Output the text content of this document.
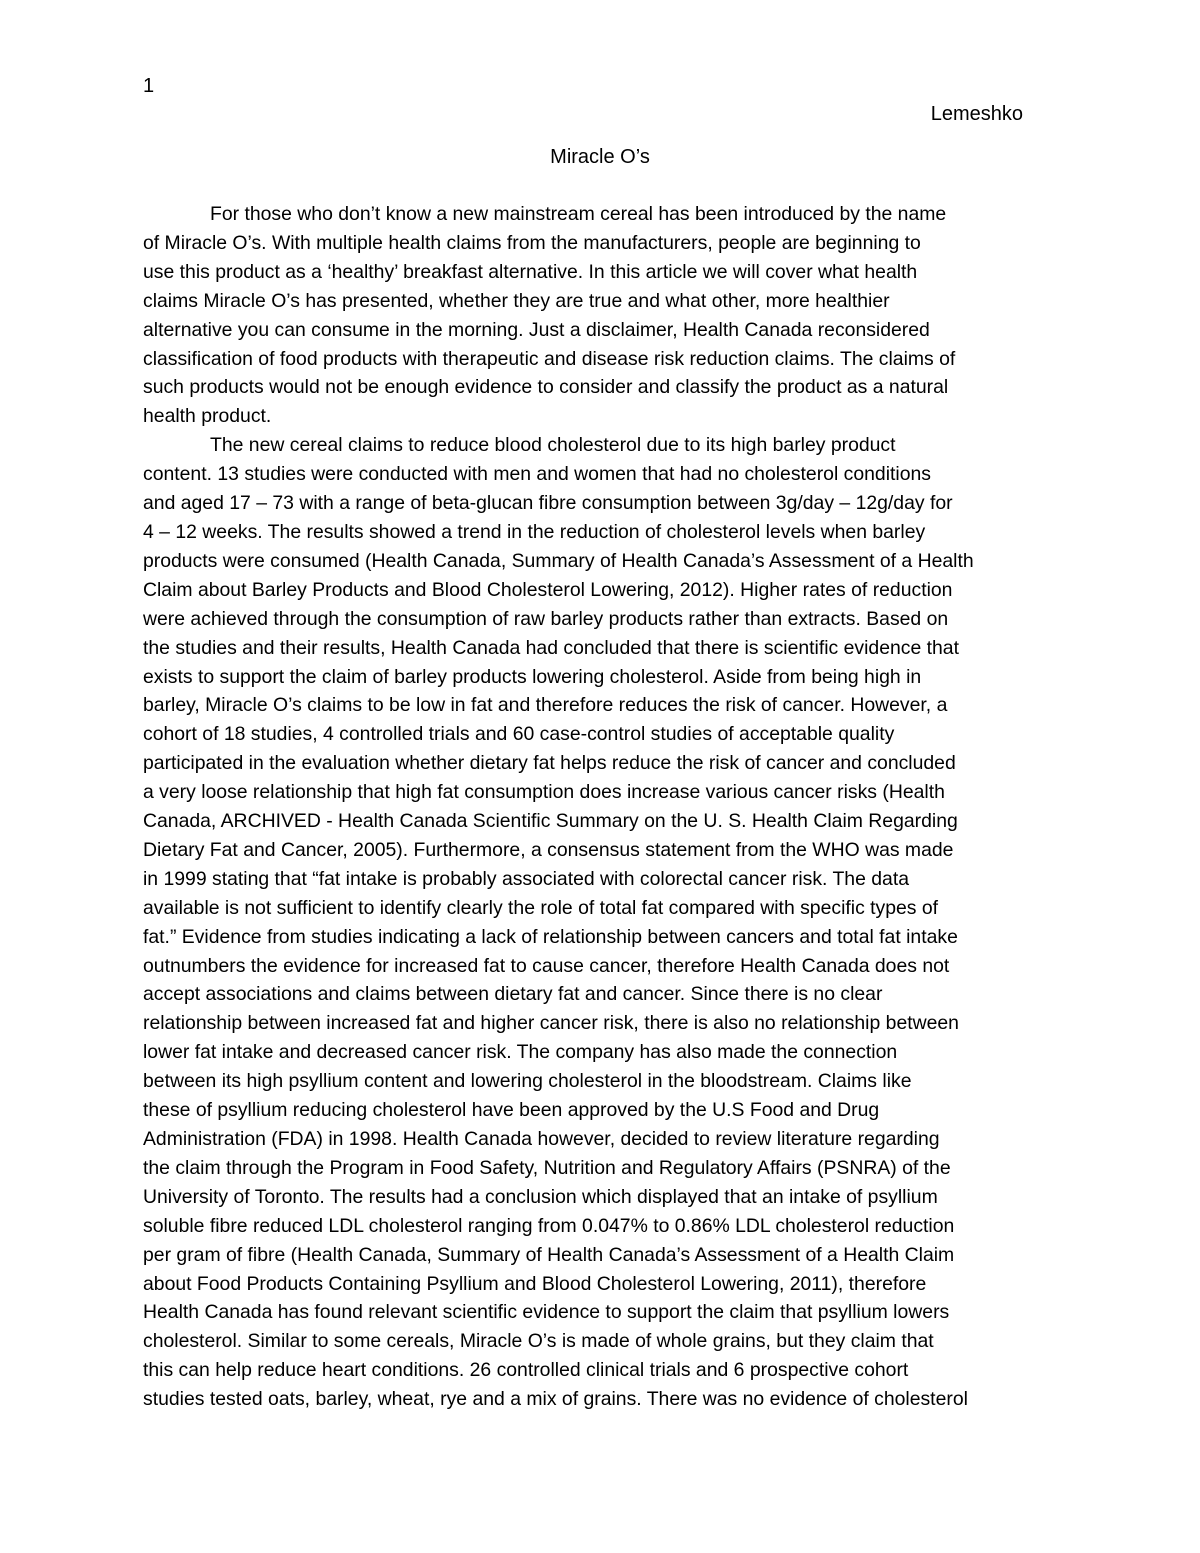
1

Lemeshko

Miracle O’s
For those who don’t know a new mainstream cereal has been introduced by the name
of Miracle O’s. With multiple health claims from the manufacturers, people are beginning to
use this product as a ‘healthy’ breakfast alternative. In this article we will cover what health
claims Miracle O’s has presented, whether they are true and what other, more healthier
alternative you can consume in the morning. Just a disclaimer, Health Canada reconsidered
classification of food products with therapeutic and disease risk reduction claims. The claims of
such products would not be enough evidence to consider and classify the product as a natural
health product.
The new cereal claims to reduce blood cholesterol due to its high barley product
content. 13 studies were conducted with men and women that had no cholesterol conditions
and aged 17 – 73 with a range of beta-glucan fibre consumption between 3g/day – 12g/day for
4 – 12 weeks. The results showed a trend in the reduction of cholesterol levels when barley
products were consumed (Health Canada, Summary of Health Canada’s Assessment of a Health
Claim about Barley Products and Blood Cholesterol Lowering, 2012). Higher rates of reduction
were achieved through the consumption of raw barley products rather than extracts. Based on
the studies and their results, Health Canada had concluded that there is scientific evidence that
exists to support the claim of barley products lowering cholesterol. Aside from being high in
barley, Miracle O’s claims to be low in fat and therefore reduces the risk of cancer. However, a
cohort of 18 studies, 4 controlled trials and 60 case-control studies of acceptable quality
participated in the evaluation whether dietary fat helps reduce the risk of cancer and concluded
a very loose relationship that high fat consumption does increase various cancer risks (Health
Canada, ARCHIVED - Health Canada Scientific Summary on the U. S. Health Claim Regarding
Dietary Fat and Cancer, 2005). Furthermore, a consensus statement from the WHO was made
in 1999 stating that “fat intake is probably associated with colorectal cancer risk. The data
available is not sufficient to identify clearly the role of total fat compared with specific types of
fat.” Evidence from studies indicating a lack of relationship between cancers and total fat intake
outnumbers the evidence for increased fat to cause cancer, therefore Health Canada does not
accept associations and claims between dietary fat and cancer. Since there is no clear
relationship between increased fat and higher cancer risk, there is also no relationship between
lower fat intake and decreased cancer risk. The company has also made the connection
between its high psyllium content and lowering cholesterol in the bloodstream. Claims like
these of psyllium reducing cholesterol have been approved by the U.S Food and Drug
Administration (FDA) in 1998. Health Canada however, decided to review literature regarding
the claim through the Program in Food Safety, Nutrition and Regulatory Affairs (PSNRA) of the
University of Toronto. The results had a conclusion which displayed that an intake of psyllium
soluble fibre reduced LDL cholesterol ranging from 0.047% to 0.86% LDL cholesterol reduction
per gram of fibre (Health Canada, Summary of Health Canada’s Assessment of a Health Claim
about Food Products Containing Psyllium and Blood Cholesterol Lowering, 2011), therefore
Health Canada has found relevant scientific evidence to support the claim that psyllium lowers
cholesterol. Similar to some cereals, Miracle O’s is made of whole grains, but they claim that
this can help reduce heart conditions. 26 controlled clinical trials and 6 prospective cohort
studies tested oats, barley, wheat, rye and a mix of grains. There was no evidence of cholesterol
